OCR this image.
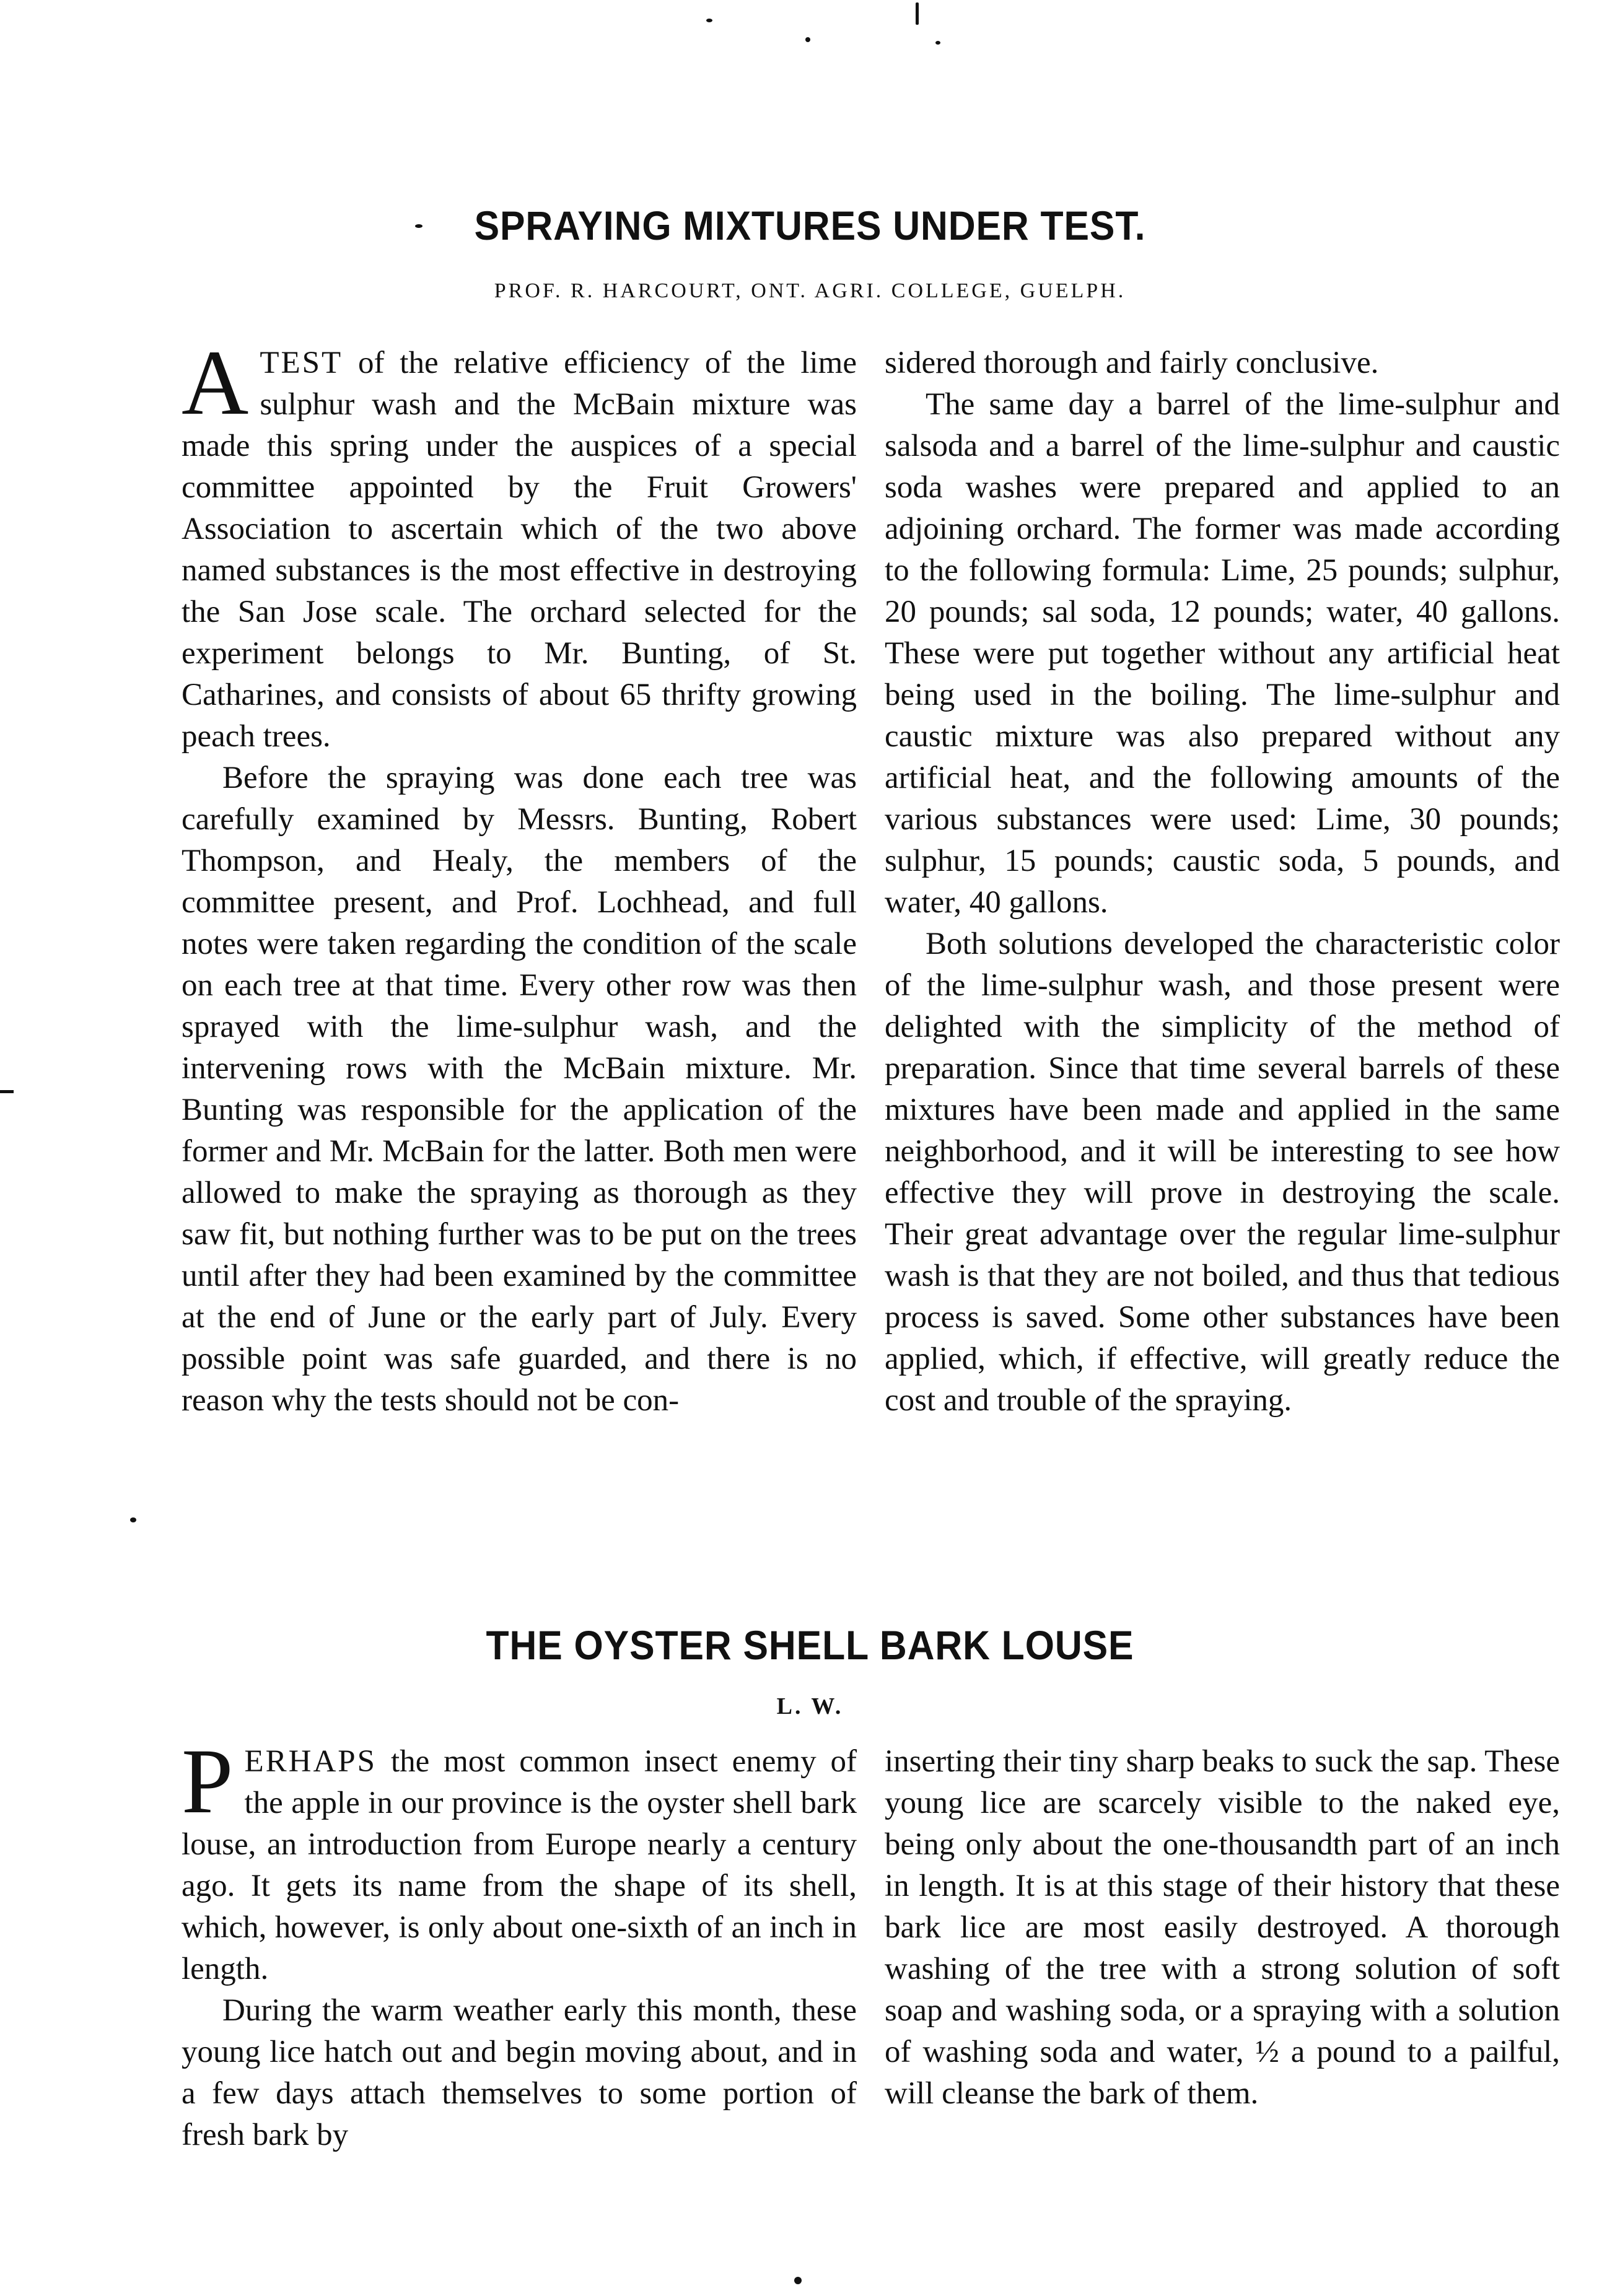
SPRAYING MIXTURES UNDER TEST.
PROF. R. HARCOURT, ONT. AGRI. COLLEGE, GUELPH.

ATEST of the relative efficiency of the lime sulphur wash and the McBain mixture was made this spring under the auspices of a special committee appointed by the Fruit Growers' Association to ascertain which of the two above named substances is the most effective in destroying the San Jose scale. The orchard selected for the experiment belongs to Mr. Bunting, of St. Catharines, and consists of about 65 thrifty growing peach trees.

Before the spraying was done each tree was carefully examined by Messrs. Bunting, Robert Thompson, and Healy, the members of the committee present, and Prof. Lochhead, and full notes were taken regarding the condition of the scale on each tree at that time. Every other row was then sprayed with the lime-sulphur wash, and the intervening rows with the McBain mixture. Mr. Bunting was responsible for the application of the former and Mr. McBain for the latter. Both men were allowed to make the spraying as thorough as they saw fit, but nothing further was to be put on the trees until after they had been examined by the committee at the end of June or the early part of July. Every possible point was safe guarded, and there is no reason why the tests should not be con-

sidered thorough and fairly conclusive.

The same day a barrel of the lime-sulphur and salsoda and a barrel of the lime-sulphur and caustic soda washes were prepared and applied to an adjoining orchard. The former was made according to the following formula: Lime, 25 pounds; sulphur, 20 pounds; sal soda, 12 pounds; water, 40 gallons. These were put together without any artificial heat being used in the boiling. The lime-sulphur and caustic mixture was also prepared without any artificial heat, and the following amounts of the various substances were used: Lime, 30 pounds; sulphur, 15 pounds; caustic soda, 5 pounds, and water, 40 gallons.

Both solutions developed the characteristic color of the lime-sulphur wash, and those present were delighted with the simplicity of the method of preparation. Since that time several barrels of these mixtures have been made and applied in the same neighborhood, and it will be interesting to see how effective they will prove in destroying the scale. Their great advantage over the regular lime-sulphur wash is that they are not boiled, and thus that tedious process is saved. Some other substances have been applied, which, if effective, will greatly reduce the cost and trouble of the spraying.

THE OYSTER SHELL BARK LOUSE
L. W.

PERHAPS the most common insect enemy of the apple in our province is the oyster shell bark louse, an introduction from Europe nearly a century ago. It gets its name from the shape of its shell, which, however, is only about one-sixth of an inch in length.

During the warm weather early this month, these young lice hatch out and begin moving about, and in a few days attach themselves to some portion of fresh bark by

inserting their tiny sharp beaks to suck the sap. These young lice are scarcely visible to the naked eye, being only about the one-thousandth part of an inch in length. It is at this stage of their history that these bark lice are most easily destroyed. A thorough washing of the tree with a strong solution of soft soap and washing soda, or a spraying with a solution of washing soda and water, ½ a pound to a pailful, will cleanse the bark of them.
